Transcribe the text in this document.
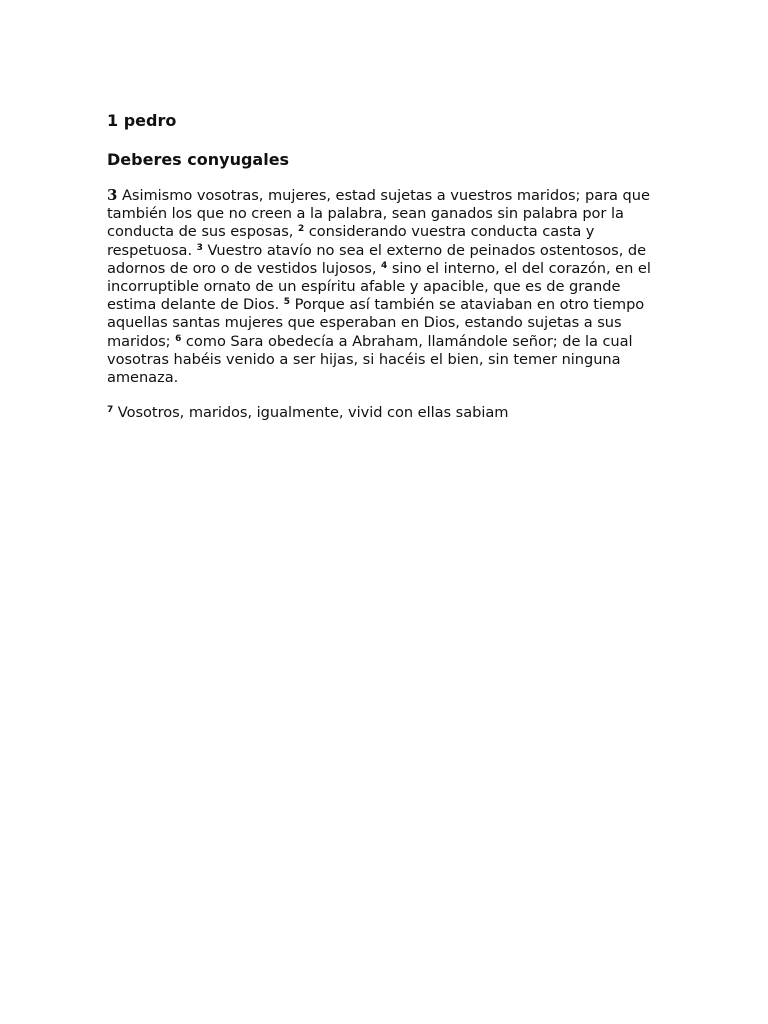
1 pedro
Deberes conyugales

3 Asimismo vosotras, mujeres, estad sujetas a vuestros maridos; para que también los que no creen a la palabra, sean ganados sin palabra por la conducta de sus esposas, $^2$ considerando vuestra conducta casta y respetuosa. $^3$ Vuestro atavío no sea el externo de peinados ostentosos, de adornos de oro o de vestidos lujosos, $^4$ sino el interno, el del corazón, en el incorruptible ornato de un espíritu afable y apacible, que es de grande estima delante de Dios. $^5$ Porque así también se ataviaban en otro tiempo aquellas santas mujeres que esperaban en Dios, estando sujetas a sus maridos; $^6$ como Sara obedecía a Abraham, llamándole señor; de la cual vosotras habéis venido a ser hijas, si hacéis el bien, sin temer ninguna amenaza.

$^7$ Vosotros, maridos, igualmente, vivid con ellas sabiam
